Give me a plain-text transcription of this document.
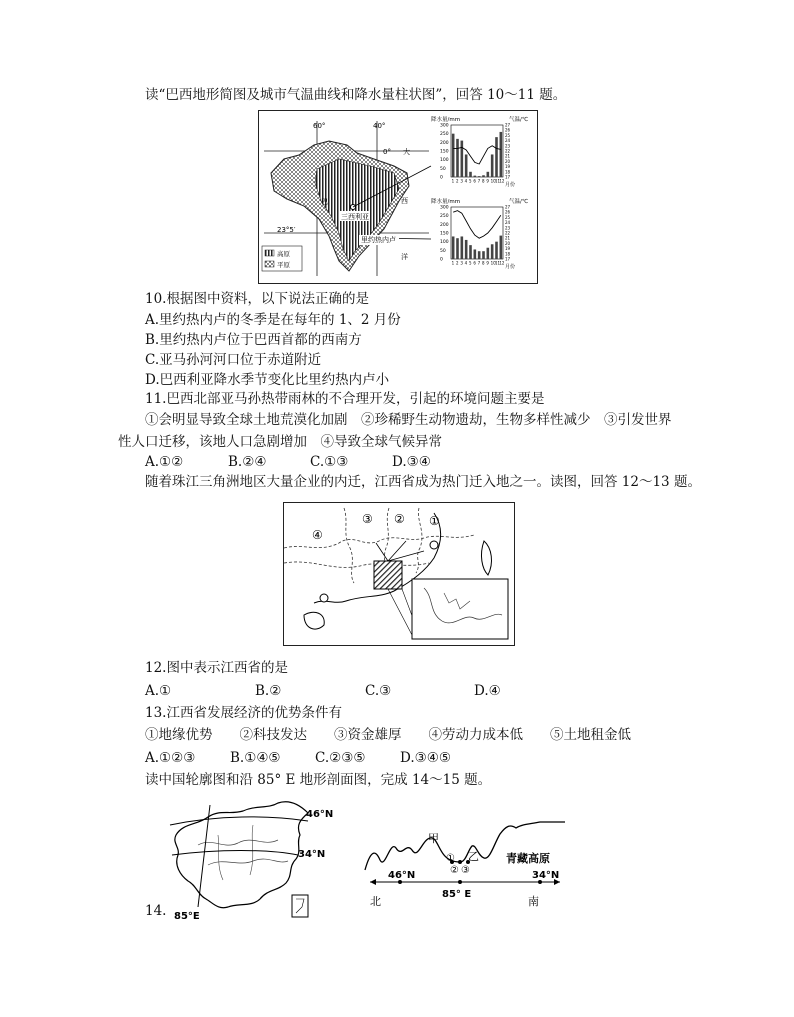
读“巴西地形简图及城市气温曲线和降水量柱状图”，回答 10～11 题。
60°	40°
0° 大
西
洋
23°5′
巴
三西利亚
里约热内卢
高原
平原
降水量/mm	气温/℃
月份
0
50
100
150
200
250
300
17
18
19
20
21
22
23
24
25
26
27
1 2 3 4 5 6 7 8 9 10 11 12
降水量/mm	气温/℃
月份
0
50
100
150
200
250
300
17
18
19
20
21
22
23
24
25
26
27
1 2 3 4 5 6 7 8 9 10 11 12
10.根据图中资料，以下说法正确的是
A.里约热内卢的冬季是在每年的 1、2 月份
B.里约热内卢位于巴西首都的西南方
C.亚马孙河河口位于赤道附近
D.巴西利亚降水季节变化比里约热内卢小
11.巴西北部亚马孙热带雨林的不合理开发，引起的环境问题主要是
①会明显导致全球土地荒漠化加剧　②珍稀野生动物遗劫，生物多样性减少　③引发世界
性人口迁移，该地人口急剧增加　④导致全球气候异常
A.①②	B.②④	C.①③	D.③④
随着珠江三角洲地区大量企业的内迁，江西省成为热门迁入地之一。读图，回答 12～13 题。
③ ② ①
④
12.图中表示江西省的是
A.①	B.②	C.③	D.④
13.江西省发展经济的优势条件有
①地缘优势　　②科技发达　　③资金雄厚　　④劳动力成本低　　⑤土地租金低
A.①②③	B.①④⑤	C.②③⑤	D.③④⑤
读中国轮廓图和沿 85° E 地形剖面图，完成 14～15 题。
46°N
34°N
85°E
14.
甲
①
② ③
乙 青藏高原
46°N	34°N
85° E
北	南
